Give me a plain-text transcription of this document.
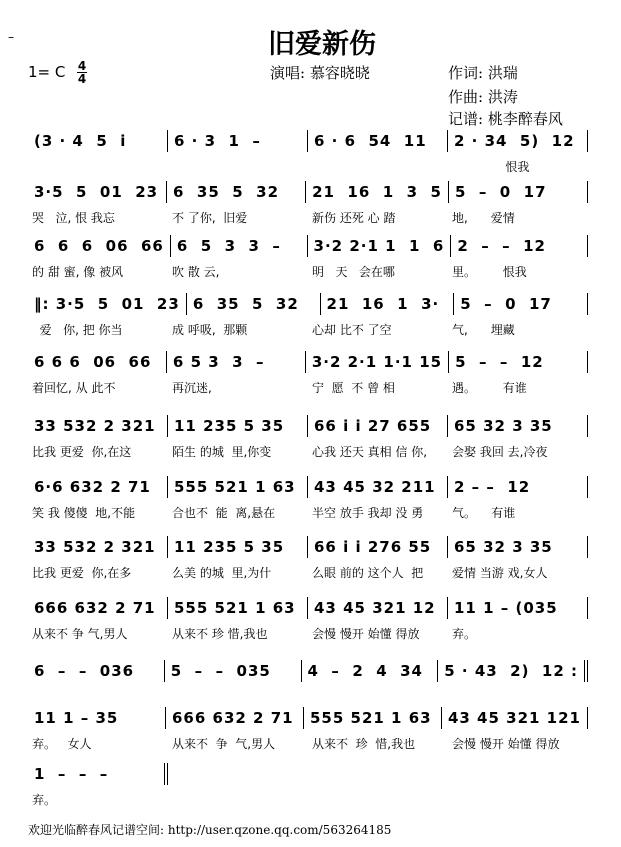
–	旧爱新伤
1= C 4
4	演唱: 慕容晓晓	作词: 洪瑞
作曲: 洪涛
记谱: 桃李醉春风
(3 · 4  5  i	6 · 3  1  –	6 · 6  54  11	2 · 34  5)  12
恨我
3·5  5  01  23 6  35  5  32	21  16  1  3  5 5  –  0  17
哭   泣, 恨 我忘	不 了你,  旧爱	新伤 还死 心 踏	地,      爱情
6  6  6  06  66 6  5  3  3  –	3·2 2·1 1  1  6 2  –  –  12
的 甜 蜜, 像 被风	吹 散 云,	明   天   会在哪	里。       恨我
‖: 3·5  5  01  23 6  35  5  32	21  16  1  3·	5  –  0  17
爱   你, 把 你当	成 呼吸,  那颗	心却 比不 了空	气,      埋藏
6 6 6  06  66	6 5 3  3  –	3·2 2·1 1·1 15 5  –  –  12
着回忆, 从 此不	再沉迷,	宁  愿  不 曾 相	遇。       有谁
33 532 2 321	11 235 5 35	66 i i 27 655	65 32 3 35
比我 更爱  你,在这	陌生 的城  里,你变	心我 还天 真相 信 你,	会娶 我回 去,冷夜
6·6 632 2 71	555 521 1 63	43 45 32 211	2 – –  12
笑 我 傻傻  地,不能	合也不  能  离,悬在	半空 放手 我却 没 勇	气。    有谁
33 532 2 321	11 235 5 35	66 i i 276 55	65 32 3 35
比我 更爱  你,在多	么美 的城  里,为什	么眼 前的 这个人  把	爱情 当游 戏,女人
666 632 2 71	555 521 1 63	43 45 321 12	11 1 – (035
从来不 争 气,男人	从来不 珍 惜,我也	会慢 慢开 始懂 得放	弃。
6  –  –  036	5  –  –  035	4  –  2  4  34	5 · 43  2)  12 :
11 1 – 35	666 632 2 71	555 521 1 63	43 45 321 121
弃。   女人	从来不  争  气,男人	从来不  珍  惜,我也	会慢 慢开 始懂 得放
1  –  –  –
弃。
欢迎光临醉春风记谱空间: http://user.qzone.qq.com/563264185
